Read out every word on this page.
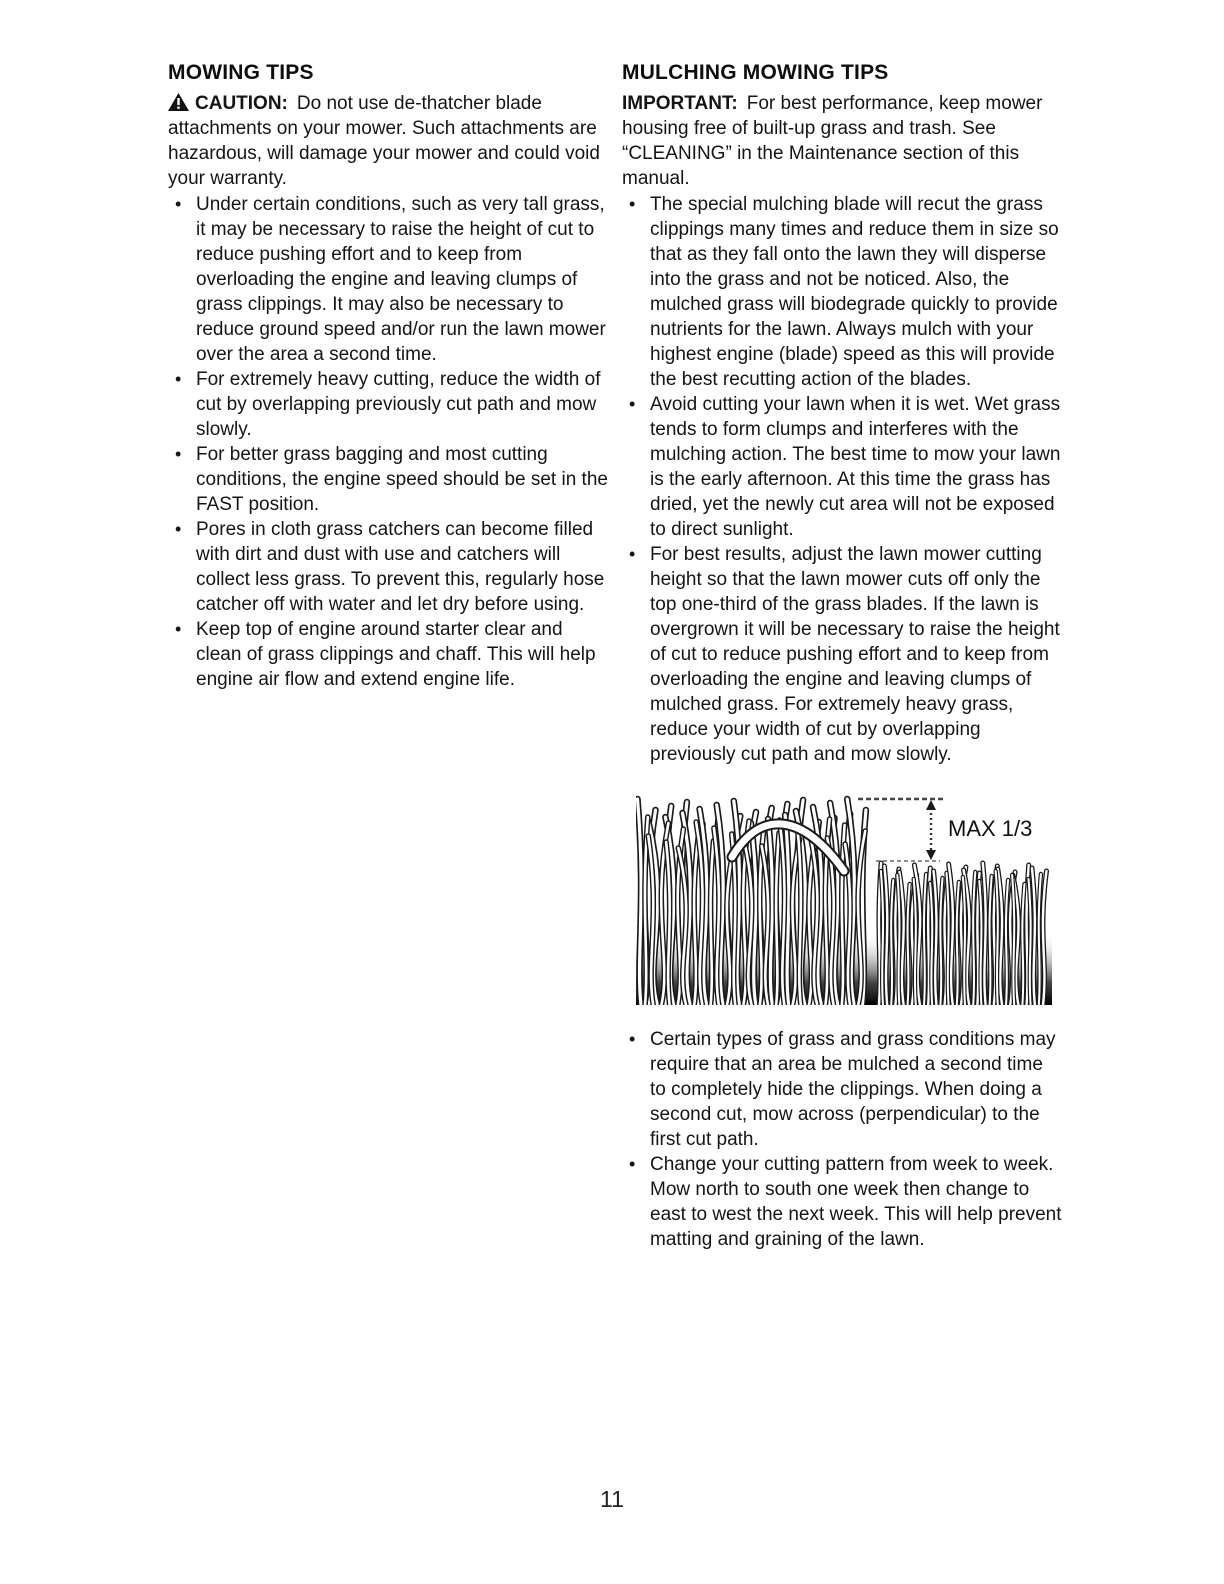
MOWING TIPS

CAUTION: Do not use de-thatcher blade attachments on your mower. Such attachments are hazardous, will damage your mower and could void your warranty.

• Under certain conditions, such as very tall grass, it may be necessary to raise the height of cut to reduce pushing effort and to keep from overloading the engine and leaving clumps of grass clippings. It may also be necessary to reduce ground speed and/or run the lawn mower over the area a second time.
• For extremely heavy cutting, reduce the width of cut by overlapping previously cut path and mow slowly.
• For better grass bagging and most cutting conditions, the engine speed should be set in the FAST position.
• Pores in cloth grass catchers can become filled with dirt and dust with use and catchers will collect less grass. To prevent this, regularly hose catcher off with water and let dry before using.
• Keep top of engine around starter clear and clean of grass clippings and chaff. This will help engine air flow and extend engine life.
MULCHING MOWING TIPS

IMPORTANT: For best performance, keep mower housing free of built-up grass and trash. See “CLEANING” in the Maintenance section of this manual.

• The special mulching blade will recut the grass clippings many times and reduce them in size so that as they fall onto the lawn they will disperse into the grass and not be noticed. Also, the mulched grass will biodegrade quickly to provide nutrients for the lawn. Always mulch with your highest engine (blade) speed as this will provide the best recutting action of the blades.
• Avoid cutting your lawn when it is wet. Wet grass tends to form clumps and interferes with the mulching action. The best time to mow your lawn is the early afternoon. At this time the grass has dried, yet the newly cut area will not be exposed to direct sunlight.
• For best results, adjust the lawn mower cutting height so that the lawn mower cuts off only the top one-third of the grass blades. If the lawn is overgrown it will be necessary to raise the height of cut to reduce pushing effort and to keep from overloading the engine and leaving clumps of mulched grass. For extremely heavy grass, reduce your width of cut by overlapping previously cut path and mow slowly.
MAX 1/3
• Certain types of grass and grass conditions may require that an area be mulched a second time to completely hide the clippings. When doing a second cut, mow across (perpendicular) to the first cut path.
• Change your cutting pattern from week to week. Mow north to south one week then change to east to west the next week. This will help prevent matting and graining of the lawn.
11
